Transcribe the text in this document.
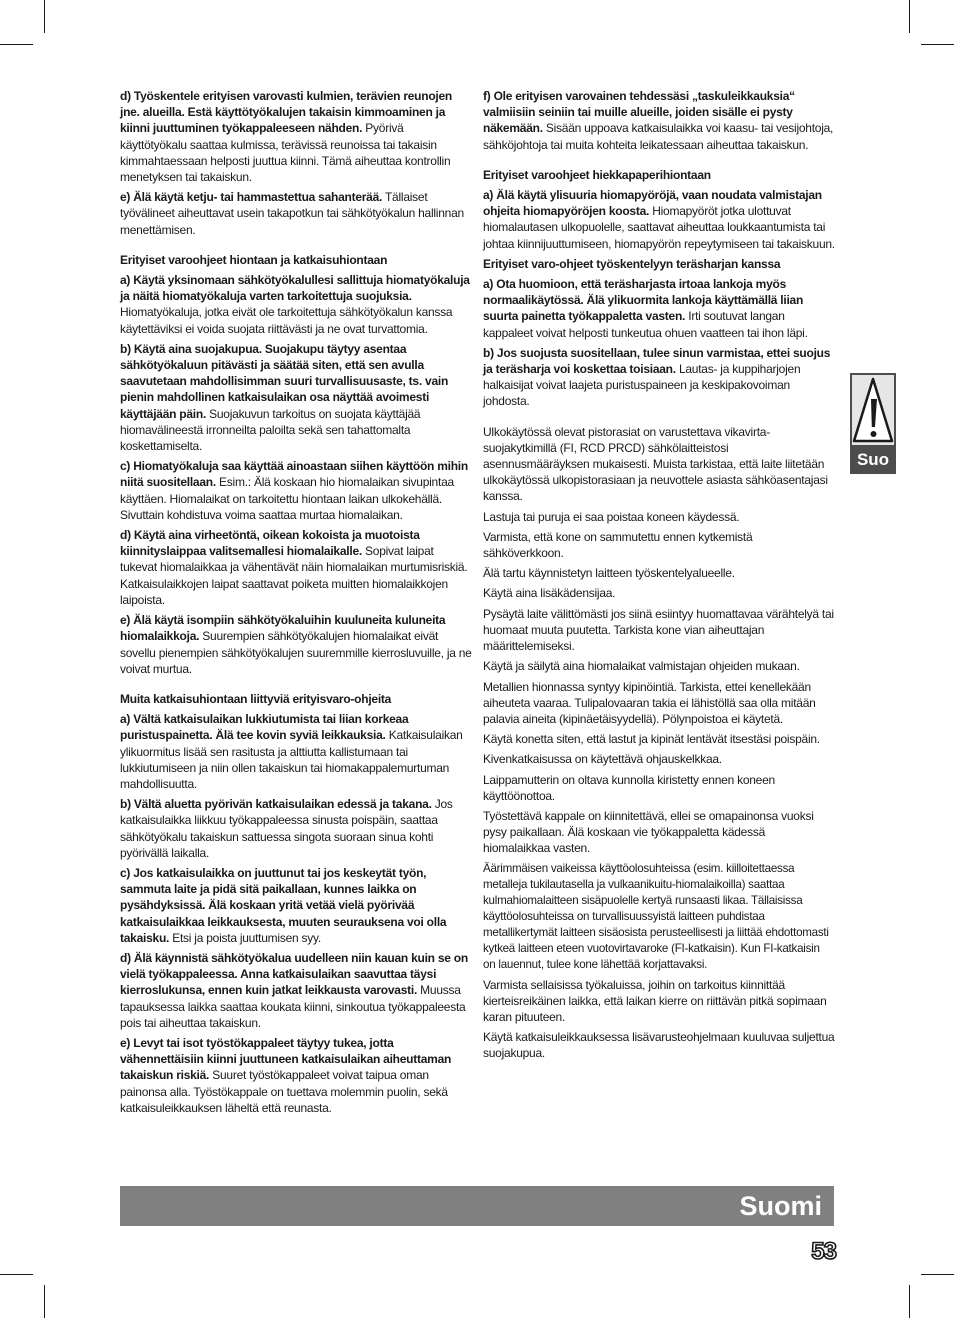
d) Työskentele erityisen varovasti kulmien, terävien reunojen jne. alueilla. Estä käyttötyökalujen takaisin kimmoaminen ja kiinni juuttuminen työkappaleeseen nähden. Pyörivä käyttötyökalu saattaa kulmissa, terävissä reunoissa tai takaisin kimmahtaessaan helposti juuttua kiinni. Tämä aiheuttaa kontrollin menetyksen tai takaiskun.

e) Älä käytä ketju- tai hammastettua sahanterää. Tällaiset työvälineet aiheuttavat usein takapotkun tai sähkötyökalun hallinnan menettämisen.

Erityiset varoohjeet hiontaan ja katkaisuhiontaan

a) Käytä yksinomaan sähkötyökalullesi sallittuja hiomatyökaluja ja näitä hiomatyökaluja varten tarkoitettuja suojuksia. Hiomatyökaluja, jotka eivät ole tarkoitettuja sähkötyökalun kanssa käytettäviksi ei voida suojata riittävästi ja ne ovat turvattomia.

b) Käytä aina suojakupua. Suojakupu täytyy asentaa sähkötyökaluun pitävästi ja säätää siten, että sen avulla saavutetaan mahdollisimman suuri turvallisuusaste, ts. vain pienin mahdollinen katkaisulaikan osa näyttää avoimesti käyttäjään päin. Suojakuvun tarkoitus on suojata käyttäjää hiomavälineestä irronneilta paloilta sekä sen tahattomalta koskettamiselta.

c) Hiomatyökaluja saa käyttää ainoastaan siihen käyttöön mihin niitä suositellaan. Esim.: Älä koskaan hio hiomalaikan sivupintaa käyttäen. Hiomalaikat on tarkoitettu hiontaan laikan ulkokehällä. Sivuttain kohdistuva voima saattaa murtaa hiomalaikan.

d) Käytä aina virheetöntä, oikean kokoista ja muotoista kiinnityslaippaa valitsemallesi hiomalaikalle. Sopivat laipat tukevat hiomalaikkaa ja vähentävät näin hiomalaikan murtumisriskiä. Katkaisulaikkojen laipat saattavat poiketa muitten hiomalaikkojen laipoista.

e) Älä käytä isompiin sähkötyökaluihin kuuluneita kuluneita hiomalaikkoja. Suurempien sähkötyökalujen hiomalaikat eivät sovellu pienempien sähkötyökalujen suuremmille kierrosluvuille, ja ne voivat murtua.

Muita katkaisuhiontaan liittyviä erityisvaro-ohjeita

a) Vältä katkaisulaikan lukkiutumista tai liian korkeaa puristuspainetta. Älä tee kovin syviä leikkauksia. Katkaisulaikan ylikuormitus lisää sen rasitusta ja alttiutta kallistumaan tai lukkiutumiseen ja niin ollen takaiskun tai hiomakappalemurtuman mahdollisuutta.

b) Vältä aluetta pyörivän katkaisulaikan edessä ja takana. Jos katkaisulaikka liikkuu työkappaleessa sinusta poispäin, saattaa sähkötyökalu takaiskun sattuessa singota suoraan sinua kohti pyörivällä laikalla.

c) Jos katkaisulaikka on juuttunut tai jos keskeytät työn, sammuta laite ja pidä sitä paikallaan, kunnes laikka on pysähdyksissä. Älä koskaan yritä vetää vielä pyörivää katkaisulaikkaa leikkauksesta, muuten seurauksena voi olla takaisku. Etsi ja poista juuttumisen syy.

d) Älä käynnistä sähkötyökalua uudelleen niin kauan kuin se on vielä työkappaleessa. Anna katkaisulaikan saavuttaa täysi kierroslukunsa, ennen kuin jatkat leikkausta varovasti. Muussa tapauksessa laikka saattaa koukata kiinni, sinkoutua työkappaleesta pois tai aiheuttaa takaiskun.

e) Levyt tai isot työstökappaleet täytyy tukea, jotta vähennettäisiin kiinni juuttuneen katkaisulaikan aiheuttaman takaiskun riskiä. Suuret työstökappaleet voivat taipua oman painonsa alla. Työstökappale on tuettava molemmin puolin, sekä katkaisuleikkauksen läheltä että reunasta.

f) Ole erityisen varovainen tehdessäsi „taskuleikkauksia“ valmiisiin seiniin tai muille alueille, joiden sisälle ei pysty näkemään. Sisään uppoava katkaisulaikka voi kaasu- tai vesijohtoja, sähköjohtoja tai muita kohteita leikatessaan aiheuttaa takaiskun.

Erityiset varoohjeet hiekkapaperihiontaan

a) Älä käytä ylisuuria hiomapyöröjä, vaan noudata valmistajan ohjeita hiomapyöröjen koosta. Hiomapyöröt jotka ulottuvat hiomalautasen ulkopuolelle, saattavat aiheuttaa loukkaantumista tai johtaa kiinnijuuttumiseen, hiomapyörön repeytymiseen tai takaiskuun.

Erityiset varo-ohjeet työskentelyyn teräsharjan kanssa

a) Ota huomioon, että teräsharjasta irtoaa lankoja myös normaalikäytössä. Älä ylikuormita lankoja käyttämällä liian suurta painetta työkappaletta vasten. Irti soutuvat langan kappaleet voivat helposti tunkeutua ohuen vaatteen tai ihon läpi.

b) Jos suojusta suositellaan, tulee sinun varmistaa, ettei suojus ja teräsharja voi koskettaa toisiaan. Lautas- ja kuppiharjojen halkaisijat voivat laajeta puristuspaineen ja keskipakovoiman johdosta.

Ulkokäytössä olevat pistorasiat on varustettava vikavirta-suojakytkimillä (FI, RCD PRCD) sähkölaitteistosi asennusmääräyksen mukaisesti. Muista tarkistaa, että laite liitetään ulkokäytössä ulkopistorasiaan ja neuvottele asiasta sähköasentajasi kanssa.

Lastuja tai puruja ei saa poistaa koneen käydessä.

Varmista, että kone on sammutettu ennen kytkemistä sähköverkkoon.

Älä tartu käynnistetyn laitteen työskentelyalueelle.

Käytä aina lisäkädensijaa.

Pysäytä laite välittömästi jos siinä esiintyy huomattavaa värähtelyä tai huomaat muuta puutetta. Tarkista kone vian aiheuttajan määrittelemiseksi.

Käytä ja säilytä aina hiomalaikat valmistajan ohjeiden mukaan.

Metallien hionnassa syntyy kipinöintiä. Tarkista, ettei kenellekään aiheuteta vaaraa. Tulipalovaaran takia ei lähistöllä saa olla mitään palavia aineita (kipinäetäisyydellä). Pölynpoistoa ei käytetä.

Käytä konetta siten, että lastut ja kipinät lentävät itsestäsi poispäin.

Kivenkatkaisussa on käytettävä ohjauskelkkaa.

Laippamutterin on oltava kunnolla kiristetty ennen koneen käyttöönottoa.

Työstettävä kappale on kiinnitettävä, ellei se omapainonsa vuoksi pysy paikallaan. Älä koskaan vie työkappaletta kädessä hiomalaikkaa vasten.

Äärimmäisen vaikeissa käyttöolosuhteissa (esim. kiilloitettaessa metalleja tukilautasella ja vulkaanikuitu-hiomalaikoilla) saattaa kulmahiomalaitteen sisäpuolelle kertyä runsaasti likaa. Tällaisissa käyttöolosuhteissa on turvallisuussyistä laitteen puhdistaa metallikertymät laitteen sisäosista perusteellisesti ja liittää ehdottomasti kytkeä laitteen eteen vuotovirtavaroke (FI-katkaisin). Kun FI-katkaisin on lauennut, tulee kone lähettää korjattavaksi.

Varmista sellaisissa työkaluissa, joihin on tarkoitus kiinnittää kierteisreikäinen laikka, että laikan kierre on riittävän pitkä sopimaan karan pituuteen.

Käytä katkaisuleikkauksessa lisävarusteohjelmaan kuuluvaa suljettua suojakupua.

Suo
Suomi
53
